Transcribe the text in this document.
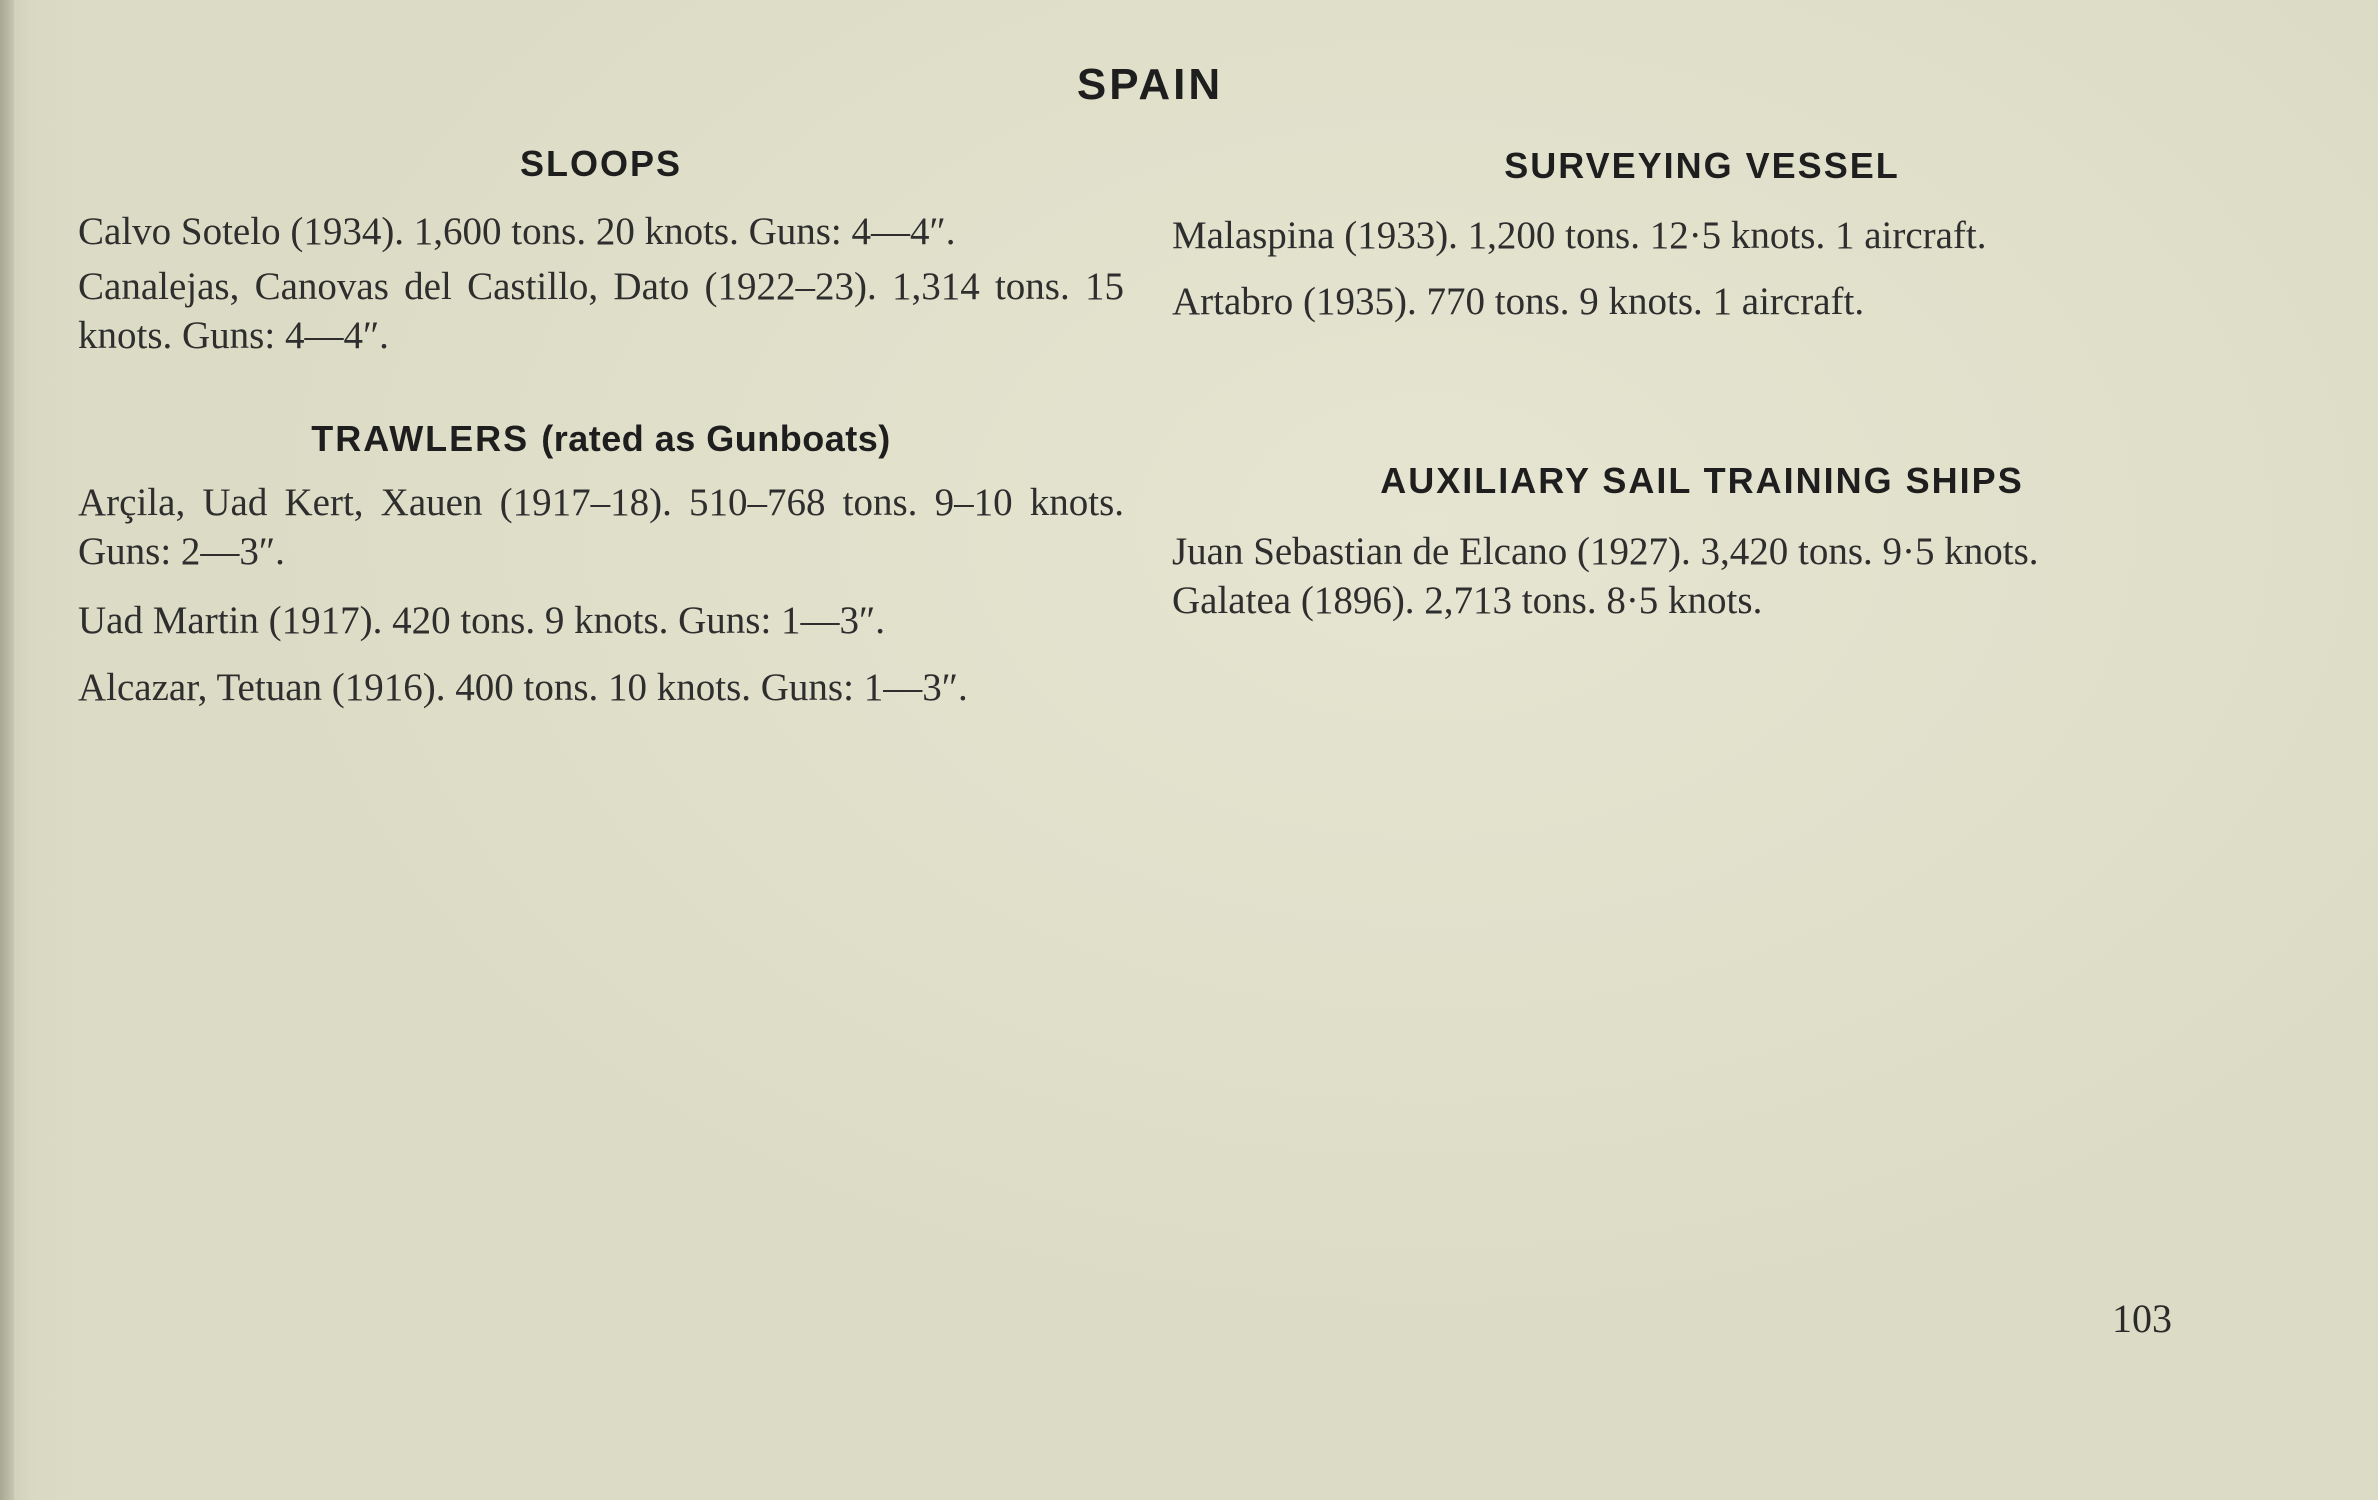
SPAIN
SLOOPS
Calvo Sotelo (1934). 1,600 tons. 20 knots. Guns: 4—4″.
Canalejas, Canovas del Castillo, Dato (1922–23). 1,314 tons. 15 knots. Guns: 4—4″.
TRAWLERS (rated as Gunboats)
Arçila, Uad Kert, Xauen (1917–18). 510–768 tons. 9–10 knots. Guns: 2—3″.
Uad Martin (1917). 420 tons. 9 knots. Guns: 1—3″.
Alcazar, Tetuan (1916). 400 tons. 10 knots. Guns: 1—3″.
SURVEYING VESSEL
Malaspina (1933). 1,200 tons. 12·5 knots. 1 aircraft.
Artabro (1935). 770 tons. 9 knots. 1 aircraft.
AUXILIARY SAIL TRAINING SHIPS
Juan Sebastian de Elcano (1927). 3,420 tons. 9·5 knots.
Galatea (1896). 2,713 tons. 8·5 knots.
103
